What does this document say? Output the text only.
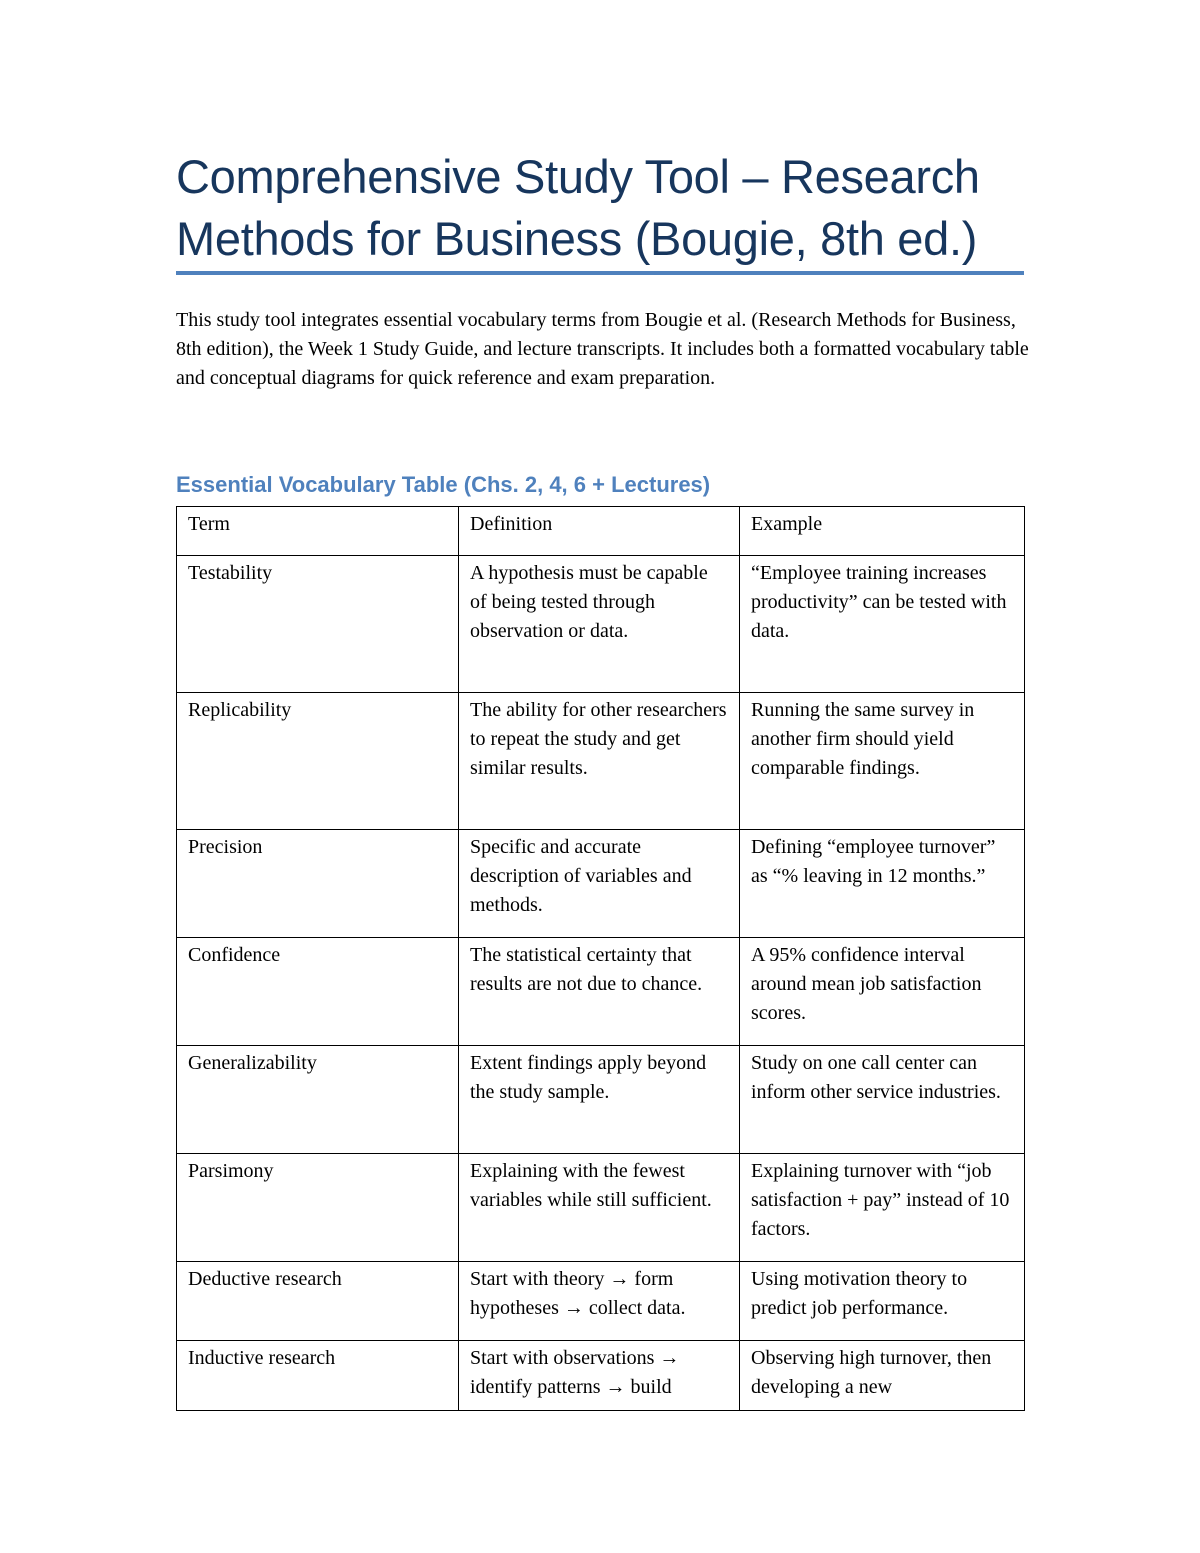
Comprehensive Study Tool – Research Methods for Business (Bougie, 8th ed.)
This study tool integrates essential vocabulary terms from Bougie et al. (Research Methods for Business, 8th edition), the Week 1 Study Guide, and lecture transcripts. It includes both a formatted vocabulary table and conceptual diagrams for quick reference and exam preparation.
Essential Vocabulary Table (Chs. 2, 4, 6 + Lectures)
Term	Definition	Example
Testability	A hypothesis must be capable of being tested through observation or data.	“Employee training increases productivity” can be tested with data.
Replicability	The ability for other researchers to repeat the study and get similar results.	Running the same survey in another firm should yield comparable findings.
Precision	Specific and accurate description of variables and methods.	Defining “employee turnover” as “% leaving in 12 months.”
Confidence	The statistical certainty that results are not due to chance.	A 95% confidence interval around mean job satisfaction scores.
Generalizability	Extent findings apply beyond the study sample.	Study on one call center can inform other service industries.
Parsimony	Explaining with the fewest variables while still sufficient.	Explaining turnover with “job satisfaction + pay” instead of 10 factors.
Deductive research	Start with theory → form hypotheses → collect data.	Using motivation theory to predict job performance.

Inductive research	Start with observations → identify patterns → build	Observing high turnover, then developing a new
